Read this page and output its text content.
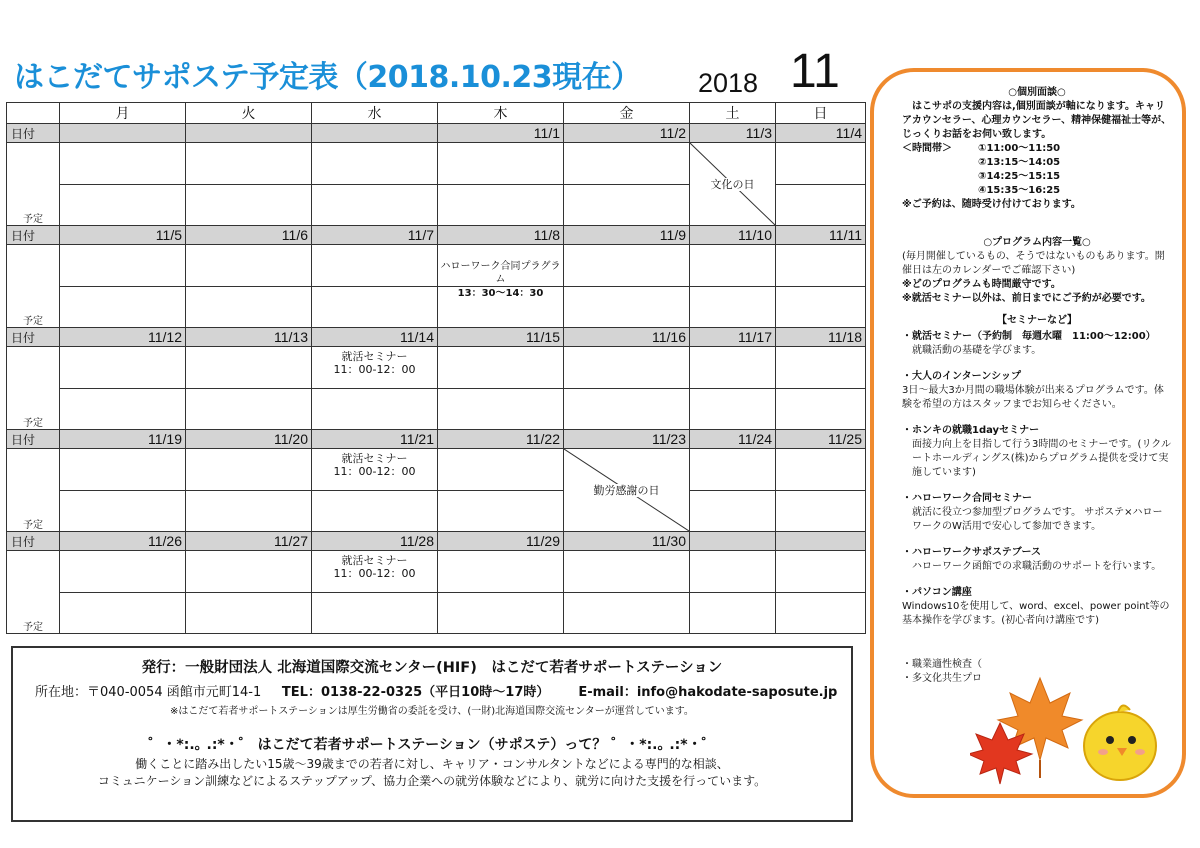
はこだてサポステ予定表（2018.10.23現在） 2018 11
	月	火	水	木	金	土	日
日付				11/1	11/2	11/3	11/4
予定						文化の日	

日付	11/5	11/6	11/7	11/8	11/9	11/10	11/11
予定				ハローワーク合同プラグラム			

				13：30～14：30			

日付	11/12	11/13	11/14	11/15	11/16	11/17	11/18
予定			就活セミナー
11：00-12：00				

日付	11/19	11/20	11/21	11/22	11/23	11/24	11/25
予定			就活セミナー
11：00-12：00		勤労感謝の日		

日付	11/26	11/27	11/28	11/29	11/30		
予定			就活セミナー
11：00-12：00				

発行：一般財団法人 北海道国際交流センター(HIF)　はこだて若者サポートステーション
所在地：〒040-0054 函館市元町14-1 TEL：0138-22-0325（平日10時～17時） E-mail：info@hakodate-saposute.jp
※はこだて若者サポートステーションは厚生労働省の委託を受け、(一財)北海道国際交流センターが運営しています。
゜・*:.｡ .:*・゜ はこだて若者サポートステーション（サポステ）って？ ゜・*:.｡ .:*・゜
働くことに踏み出したい15歳～39歳までの若者に対し、キャリア・コンサルタントなどによる専門的な相談、
コミュニケーション訓練などによるステップアップ、協力企業への就労体験などにより、就労に向けた支援を行っています。
○個別面談○
はこサポの支援内容は,個別面談が軸になります。キャリアカウンセラー、心理カウンセラー、精神保健福祉士等が、じっくりお話をお伺い致します。
＜時間帯＞	①11:00～11:50
②13:15～14:05
③14:25～15:15
④15:35～16:25
※ご予約は、随時受け付けております。
○プログラム内容一覧○
(毎月開催しているもの、そうではないものもあります。開催日は左のカレンダーでご確認下さい)
※どのプログラムも時間厳守です。
※就活セミナー以外は、前日までにご予約が必要です。
【セミナーなど】
・就活セミナー（予約制　毎週水曜　11:00～12:00）
就職活動の基礎を学びます。
・大人のインターンシップ
3日～最大3か月間の職場体験が出来るプログラムです。体験を希望の方はスタッフまでお知らせください。
・ホンキの就職1dayセミナー
面接力向上を目指して行う3時間のセミナーです。(リクルートホールディングス(株)からプログラム提供を受けて実施しています)
・ハローワーク合同セミナー
就活に役立つ参加型プログラムです。 サポステ×ハローワークのW活用で安心して参加できます。
・ハローワークサポステブース
ハローワーク函館での求職活動のサポートを行います。
・パソコン講座
Windows10を使用して、word、excel、power point等の基本操作を学びます。(初心者向け講座です)
・職業適性検査（
・多文化共生プロ
